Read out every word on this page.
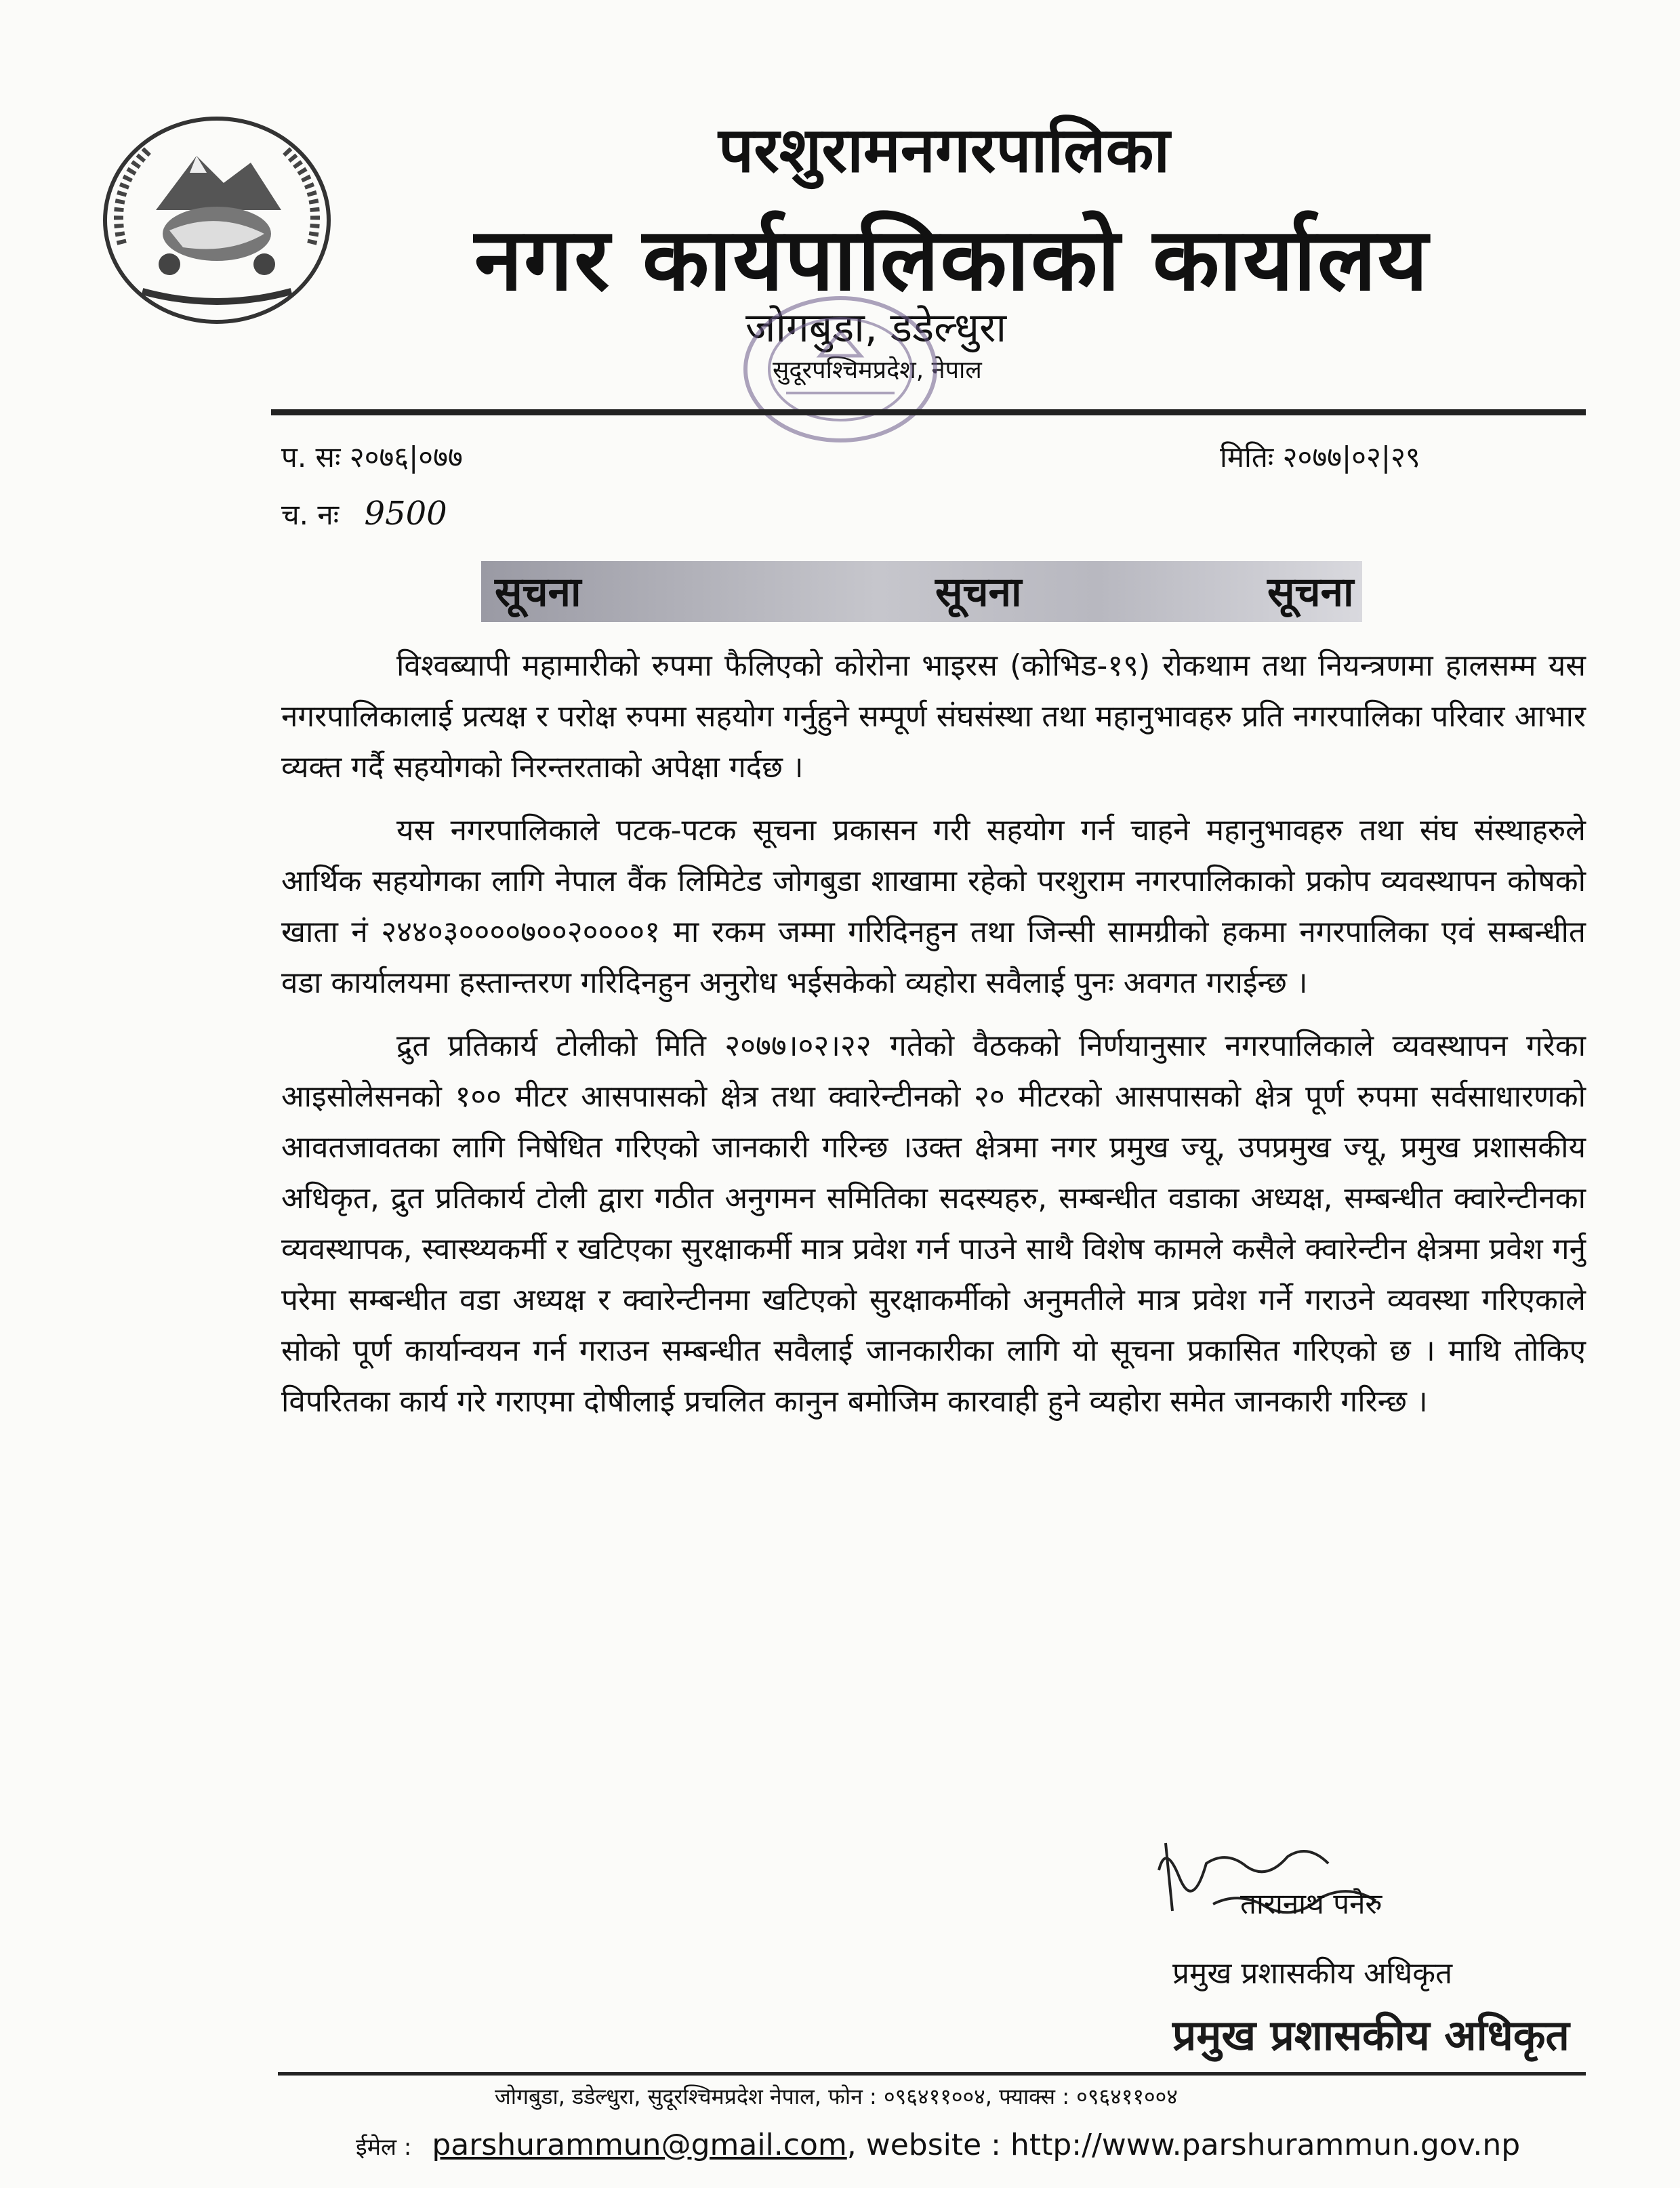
परशुरामनगरपालिका
नगर कार्यपालिकाको कार्यालय
जोगबुडा, डडेल्धुरा
सुदूरपश्चिमप्रदेश, नेपाल
प. सः २०७६|०७७
च. नः 9500
मितिः २०७७|०२|२९
सूचना	सूचना	सूचना

विश्वब्यापी महामारीको रुपमा फैलिएको कोरोना भाइरस (कोभिड-१९) रोकथाम तथा नियन्त्रणमा हालसम्म यस नगरपालिकालाई प्रत्यक्ष र परोक्ष रुपमा सहयोग गर्नुहुने सम्पूर्ण संघसंस्था तथा महानुभावहरु प्रति नगरपालिका परिवार आभार व्यक्त गर्दै सहयोगको निरन्तरताको अपेक्षा गर्दछ ।

यस नगरपालिकाले पटक-पटक सूचना प्रकासन गरी सहयोग गर्न चाहने महानुभावहरु तथा संघ संस्थाहरुले आर्थिक सहयोगका लागि नेपाल वैंक लिमिटेड जोगबुडा शाखामा रहेको परशुराम नगरपालिकाको प्रकोप व्यवस्थापन कोषको खाता नं २४४०३००००७००२००००१ मा रकम जम्मा गरिदिनहुन तथा जिन्सी सामग्रीको हकमा नगरपालिका एवं सम्बन्धीत वडा कार्यालयमा हस्तान्तरण गरिदिनहुन अनुरोध भईसकेको व्यहोरा सवैलाई पुनः अवगत गराईन्छ ।

द्रुत प्रतिकार्य टोलीको मिति २०७७।०२।२२ गतेको वैठकको निर्णयानुसार नगरपालिकाले व्यवस्थापन गरेका आइसोलेसनको १०० मीटर आसपासको क्षेत्र तथा क्वारेन्टीनको २० मीटरको आसपासको क्षेत्र पूर्ण रुपमा सर्वसाधारणको आवतजावतका लागि निषेधित गरिएको जानकारी गरिन्छ ।उक्त क्षेत्रमा नगर प्रमुख ज्यू, उपप्रमुख ज्यू, प्रमुख प्रशासकीय अधिकृत, द्रुत प्रतिकार्य टोली द्वारा गठीत अनुगमन समितिका सदस्यहरु, सम्बन्धीत वडाका अध्यक्ष, सम्बन्धीत क्वारेन्टीनका व्यवस्थापक, स्वास्थ्यकर्मी र खटिएका सुरक्षाकर्मी मात्र प्रवेश गर्न पाउने साथै विशेष कामले कसैले क्वारेन्टीन क्षेत्रमा प्रवेश गर्नु परेमा सम्बन्धीत वडा अध्यक्ष र क्वारेन्टीनमा खटिएको सुरक्षाकर्मीको अनुमतीले मात्र प्रवेश गर्ने गराउने व्यवस्था गरिएकाले सोको पूर्ण कार्यान्वयन गर्न गराउन सम्बन्धीत सवैलाई जानकारीका लागि यो सूचना प्रकासित गरिएको छ । माथि तोकिए विपरितका कार्य गरे गराएमा दोषीलाई प्रचलित कानुन बमोजिम कारवाही हुने व्यहोरा समेत जानकारी गरिन्छ ।

तारानाथ पनेरु
प्रमुख प्रशासकीय अधिकृत
प्रमुख प्रशासकीय अधिकृत
जोगबुडा, डडेल्धुरा, सुदूरश्चिमप्रदेश नेपाल, फोन : ०९६४११००४, फ्याक्स : ०९६४११००४
ईमेल : parshurammun@gmail.com, website : http://www.parshurammun.gov.np
